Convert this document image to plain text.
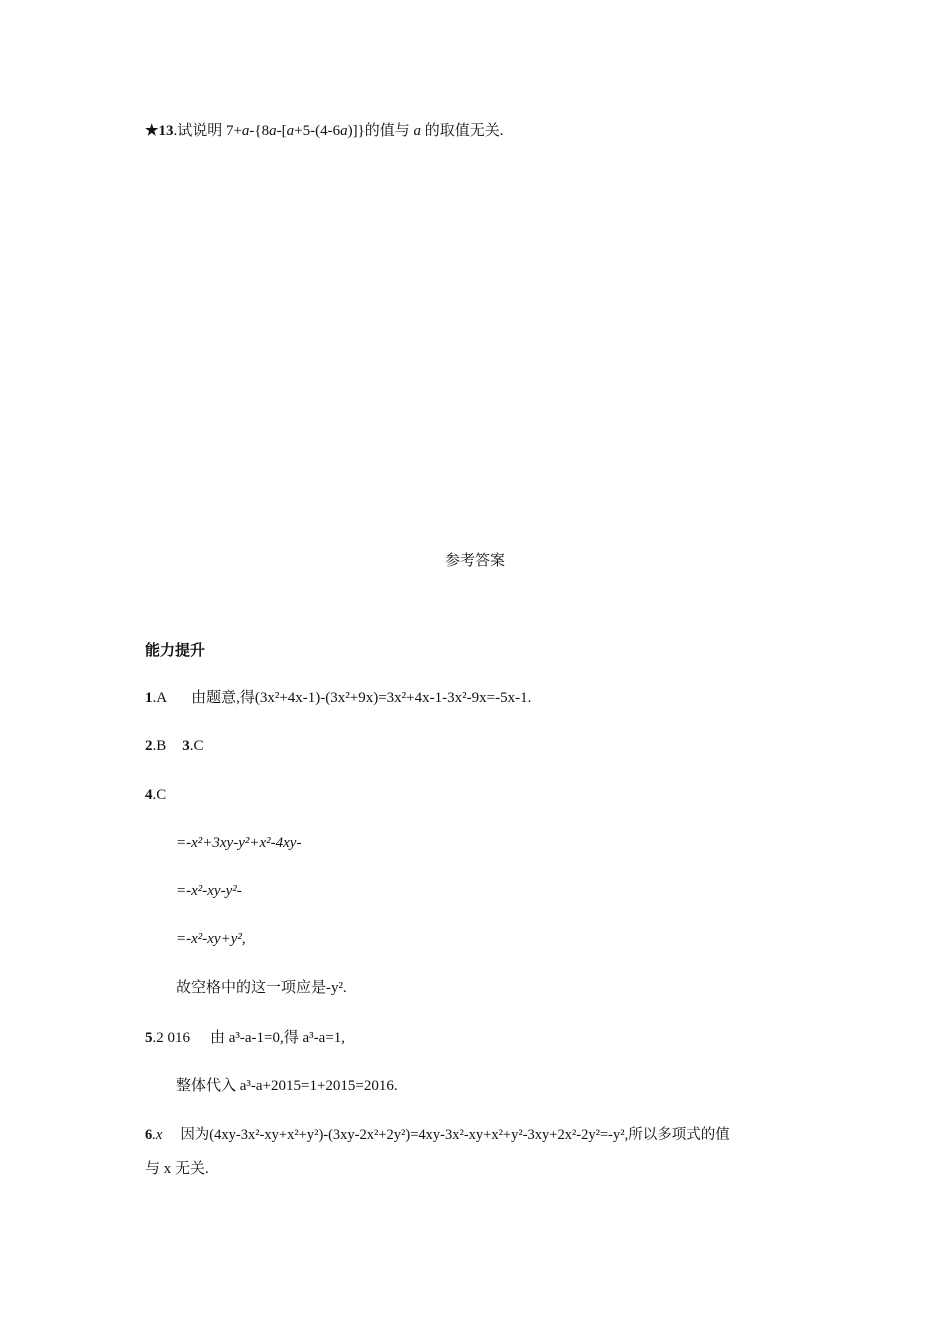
★13.试说明 7+a-{8a-[a+5-(4-6a)]}的值与 a 的取值无关.
参考答案
能力提升
1.A 由题意,得(3x²+4x-1)-(3x²+9x)=3x²+4x-1-3x²-9x=-5x-1.
2.B 3.C
4.C
=-x²+3xy-y²+x²-4xy-
=-x²-xy-y²-
=-x²-xy+y²,
故空格中的这一项应是-y².
5.2 016 由 a³-a-1=0,得 a³-a=1,
整体代入 a³-a+2015=1+2015=2016.
6.x 因为(4xy-3x²-xy+x²+y²)-(3xy-2x²+2y²)=4xy-3x²-xy+x²+y²-3xy+2x²-2y²=-y²,所以多项式的值
与 x 无关.
